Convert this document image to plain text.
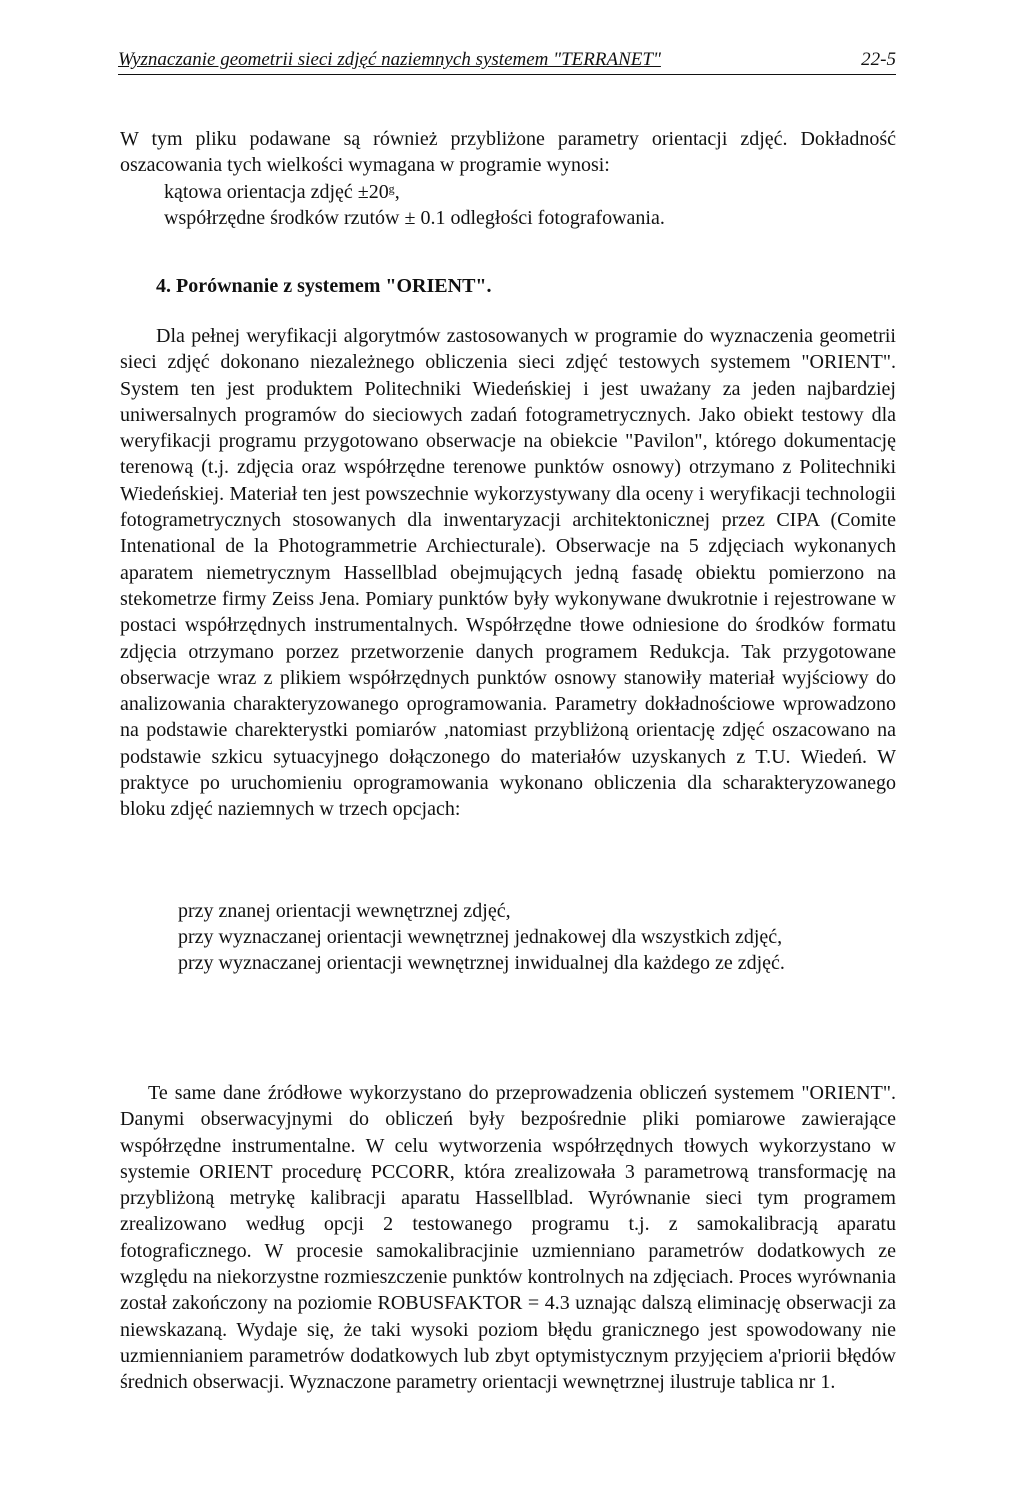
Wyznaczanie geometrii sieci zdjęć naziemnych systemem "TERRANET"	22-5
W tym pliku podawane są również przybliżone parametry orientacji zdjęć. Dokładność oszacowania tych wielkości wymagana w programie wynosi:
kątowa orientacja zdjęć ±20ᵍ,
współrzędne środków rzutów ± 0.1 odległości fotografowania.
4. Porównanie z systemem "ORIENT".
Dla pełnej weryfikacji algorytmów zastosowanych w programie do wyznaczenia geometrii sieci zdjęć dokonano niezależnego obliczenia sieci zdjęć testowych systemem "ORIENT". System ten jest produktem Politechniki Wiedeńskiej i jest uważany za jeden najbardziej uniwersalnych programów do sieciowych zadań fotogrametrycznych. Jako obiekt testowy dla weryfikacji programu przygotowano obserwacje na obiekcie "Pavilon", którego dokumentację terenową (t.j. zdjęcia oraz współrzędne terenowe punktów osnowy) otrzymano z Politechniki Wiedeńskiej. Materiał ten jest powszechnie wykorzystywany dla oceny i weryfikacji technologii fotogrametrycznych stosowanych dla inwentaryzacji architektonicznej przez CIPA (Comite Intenational de la Photogrammetrie Archiecturale). Obserwacje na 5 zdjęciach wykonanych aparatem niemetrycznym Hassellblad obejmujących jedną fasadę obiektu pomierzono na stekometrze firmy Zeiss Jena. Pomiary punktów były wykonywane dwukrotnie i rejestrowane w postaci współrzędnych instrumentalnych. Współrzędne tłowe odniesione do środków formatu zdjęcia otrzymano porzez przetworzenie danych programem Redukcja. Tak przygotowane obserwacje wraz z plikiem współrzędnych punktów osnowy stanowiły materiał wyjściowy do analizowania charakteryzowanego oprogramowania. Parametry dokładnościowe wprowadzono na podstawie charekterystki pomiarów ,natomiast przybliżoną orientację zdjęć oszacowano na podstawie szkicu sytuacyjnego dołączonego do materiałów uzyskanych z T.U. Wiedeń. W praktyce po uruchomieniu oprogramowania wykonano obliczenia dla scharakteryzowanego bloku zdjęć naziemnych w trzech opcjach:
przy znanej orientacji wewnętrznej zdjęć,
przy wyznaczanej orientacji wewnętrznej jednakowej dla wszystkich zdjęć,
przy wyznaczanej orientacji wewnętrznej inwidualnej dla każdego ze zdjęć.
Te same dane źródłowe wykorzystano do przeprowadzenia obliczeń systemem "ORIENT". Danymi obserwacyjnymi do obliczeń były bezpośrednie pliki pomiarowe zawierające współrzędne instrumentalne. W celu wytworzenia współrzędnych tłowych wykorzystano w systemie ORIENT procedurę PCCORR, która zrealizowała 3 parametrową transformację na przybliżoną metrykę kalibracji aparatu Hassellblad. Wyrównanie sieci tym programem zrealizowano według opcji 2 testowanego programu t.j. z samokalibracją aparatu fotograficznego. W procesie samokalibracjinie uzmienniano parametrów dodatkowych ze względu na niekorzystne rozmieszczenie punktów kontrolnych na zdjęciach. Proces wyrównania został zakończony na poziomie ROBUSFAKTOR = 4.3 uznając dalszą eliminację obserwacji za niewskazaną. Wydaje się, że taki wysoki poziom błędu granicznego jest spowodowany nie uzmiennianiem parametrów dodatkowych lub zbyt optymistycznym przyjęciem a'priorii błędów średnich obserwacji. Wyznaczone parametry orientacji wewnętrznej ilustruje tablica nr 1.
